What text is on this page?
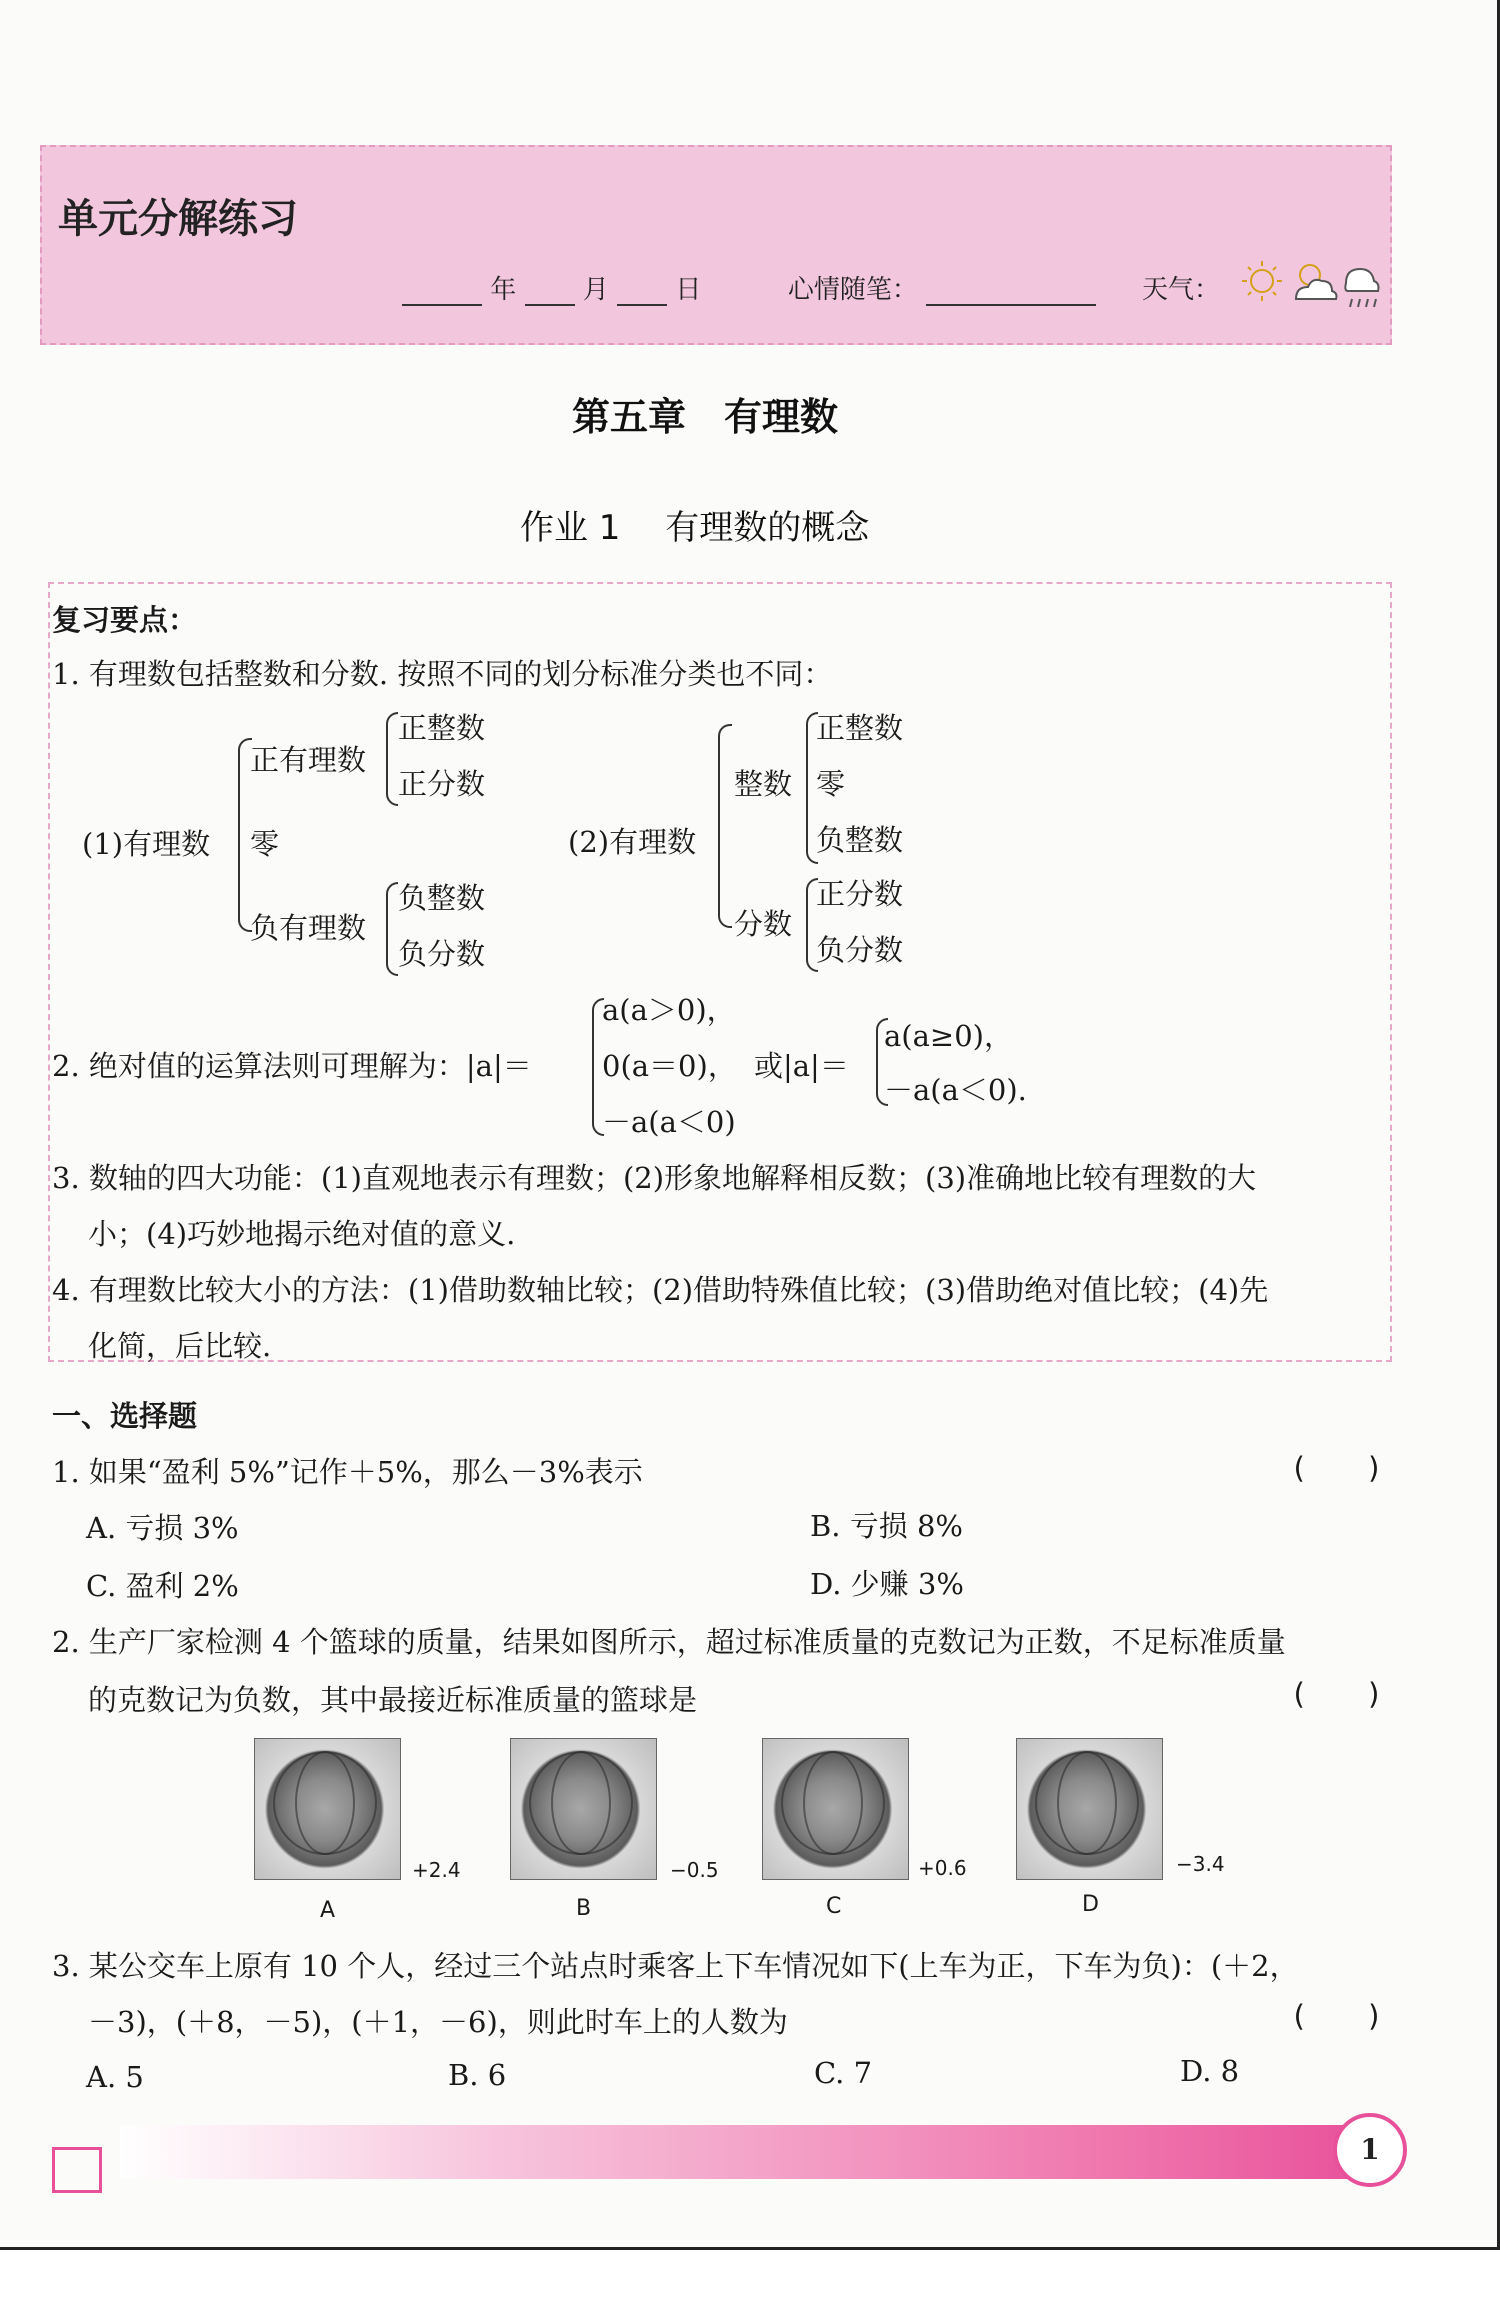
单元分解练习
年	月	日	心情随笔：	天气：
第五章　有理数
作业 1　 有理数的概念
复习要点：
1. 有理数包括整数和分数. 按照不同的划分标准分类也不同：
(1)有理数
正有理数
正整数
正分数
零
负有理数
负整数
负分数
(2)有理数
整数
正整数
零
负整数
分数
正分数
负分数
2. 绝对值的运算法则可理解为：|a|＝
a(a＞0)，
0(a＝0)，
－a(a＜0)
或|a|＝
a(a≥0)，
－a(a＜0).
3. 数轴的四大功能：(1)直观地表示有理数；(2)形象地解释相反数；(3)准确地比较有理数的大
小；(4)巧妙地揭示绝对值的意义.
4. 有理数比较大小的方法：(1)借助数轴比较；(2)借助特殊值比较；(3)借助绝对值比较；(4)先
化简，后比较.
一、选择题
1. 如果“盈利 5%”记作＋5%，那么－3%表示	(　　)
A. 亏损 3%	B. 亏损 8%
C. 盈利 2%	D. 少赚 3%
2. 生产厂家检测 4 个篮球的质量，结果如图所示，超过标准质量的克数记为正数，不足标准质量
的克数记为负数，其中最接近标准质量的篮球是	(　　)
+2.4
A
−0.5
B
+0.6
C
−3.4
D
3. 某公交车上原有 10 个人，经过三个站点时乘客上下车情况如下(上车为正，下车为负)：(＋2，
－3)，(＋8，－5)，(＋1，－6)，则此时车上的人数为	(　　)
A. 5	B. 6	C. 7	D. 8
1
